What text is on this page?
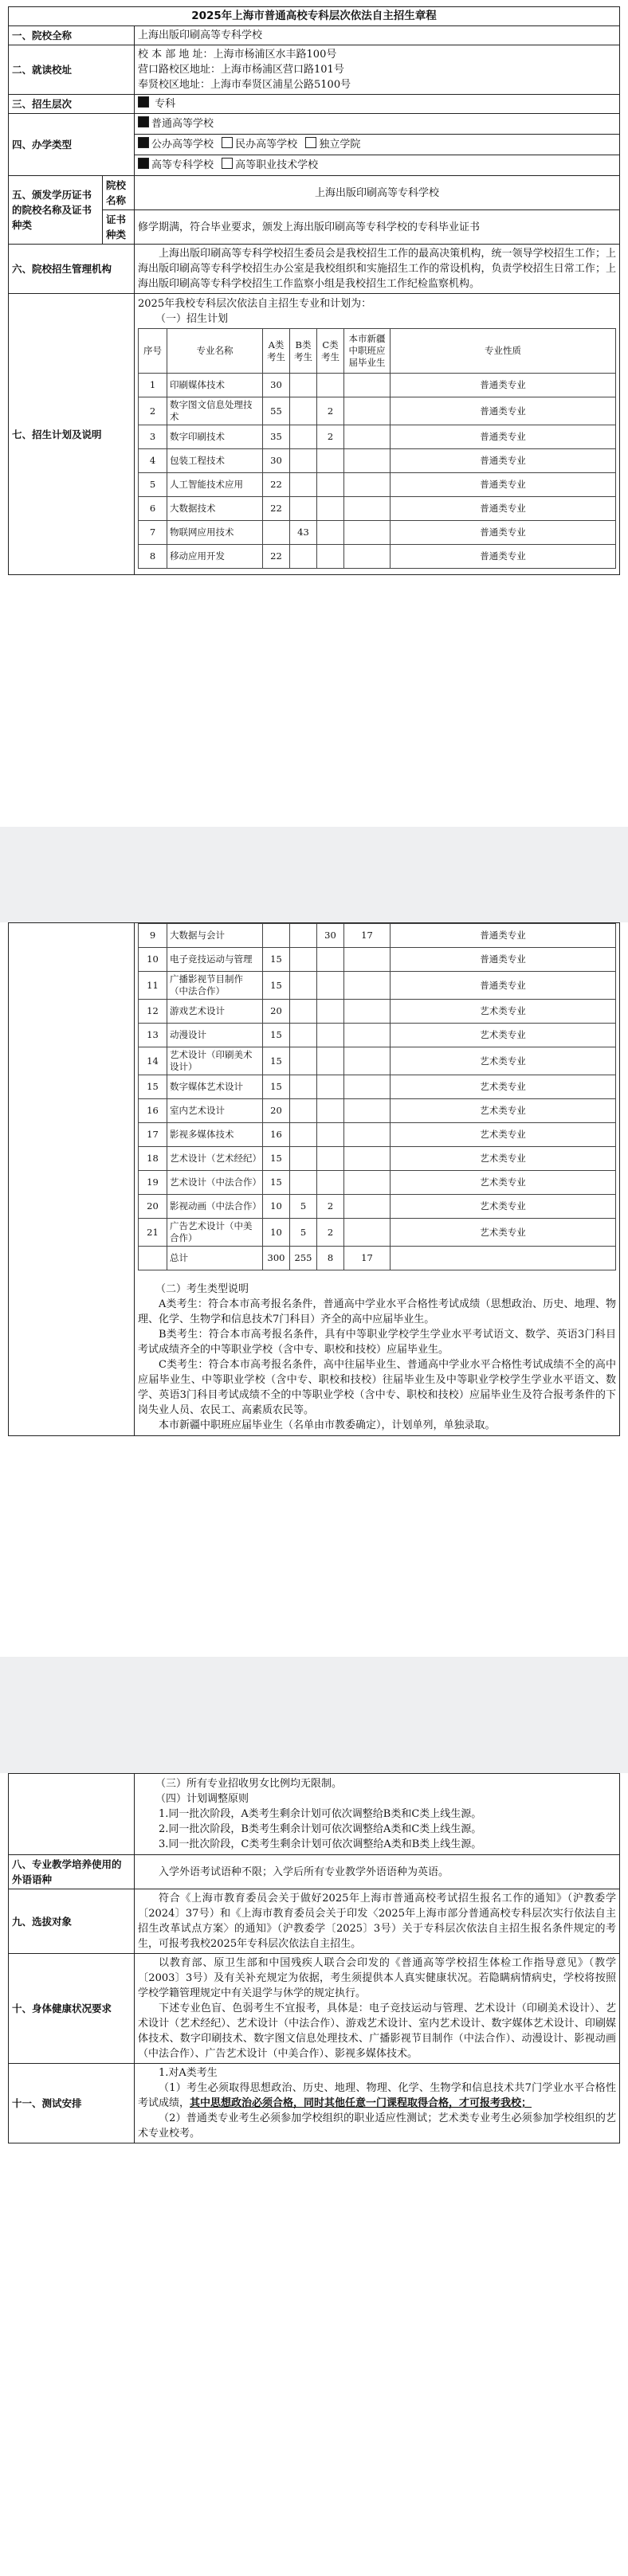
2025年上海市普通高校专科层次依法自主招生章程
一、院校全称	上海出版印刷高等专科学校
二、就读校址	
校 本 部 地 址：上海市杨浦区水丰路100号
营口路校区地址：上海市杨浦区营口路101号
奉贤校区地址：上海市奉贤区浦星公路5100号

三、招生层次	专科
四、办学类型	
普通高等学校
公办高等学校 民办高等学校 独立学院
高等专科学校 高等职业技术学校

五、颁发学历证书的院校名称及证书种类	院校名称	上海出版印刷高等专科学校
证书种类	修学期满，符合毕业要求，颁发上海出版印刷高等专科学校的专科毕业证书
六、院校招生管理机构	

上海出版印刷高等专科学校招生委员会是我校招生工作的最高决策机构，统一领导学校招生工作；上海出版印刷高等专科学校招生办公室是我校组织和实施招生工作的常设机构，负责学校招生日常工作；上海出版印刷高等专科学校招生工作监察小组是我校招生工作纪检监察机构。

七、招生计划及说明	
2025年我校专科层次依法自主招生专业和计划为：
（一）招生计划
序号	专业名称	A类考生	B类考生	C类考生	本市新疆中职班应届毕业生	专业性质
1	印刷媒体技术	30				普通类专业
2	数字图文信息处理技术	55		2		普通类专业
3	数字印刷技术	35		2		普通类专业
4	包装工程技术	30				普通类专业
5	人工智能技术应用	22				普通类专业
6	大数据技术	22				普通类专业
7	物联网应用技术		43			普通类专业
8	移动应用开发	22				普通类专业

9	大数据与会计			30	17	普通类专业
10	电子竞技运动与管理	15				普通类专业
11	广播影视节目制作（中法合作）	15				普通类专业
12	游戏艺术设计	20				艺术类专业
13	动漫设计	15				艺术类专业
14	艺术设计（印刷美术设计）	15				艺术类专业
15	数字媒体艺术设计	15				艺术类专业
16	室内艺术设计	20				艺术类专业
17	影视多媒体技术	16				艺术类专业
18	艺术设计（艺术经纪）	15				艺术类专业
19	艺术设计（中法合作）	15				艺术类专业
20	影视动画（中法合作）	10	5	2		艺术类专业
21	广告艺术设计（中美合作）	10	5	2		艺术类专业
	总计	300	255	8	17	
（二）考生类型说明

A类考生：符合本市高考报名条件，普通高中学业水平合格性考试成绩（思想政治、历史、地理、物理、化学、生物学和信息技术7门科目）齐全的高中应届毕业生。

B类考生：符合本市高考报名条件，具有中等职业学校学生学业水平考试语文、数学、英语3门科目考试成绩齐全的中等职业学校（含中专、职校和技校）应届毕业生。

C类考生：符合本市高考报名条件，高中往届毕业生、普通高中学业水平合格性考试成绩不全的高中应届毕业生、中等职业学校（含中专、职校和技校）往届毕业生及中等职业学校学生学业水平语文、数学、英语3门科目考试成绩不全的中等职业学校（含中专、职校和技校）应届毕业生及符合报考条件的下岗失业人员、农民工、高素质农民等。

本市新疆中职班应届毕业生（名单由市教委确定），计划单列，单独录取。

	（三）所有专业招收男女比例均无限制。
（四）计划调整原则

1.同一批次阶段，A类考生剩余计划可依次调整给B类和C类上线生源。

2.同一批次阶段，B类考生剩余计划可依次调整给A类和C类上线生源。

3.同一批次阶段，C类考生剩余计划可依次调整给A类和B类上线生源。

八、专业教学培养使用的外语语种	入学外语考试语种不限；入学后所有专业教学外语语种为英语。

九、选拔对象	符合《上海市教育委员会关于做好2025年上海市普通高校考试招生报名工作的通知》（沪教委学〔2024〕37号）和《上海市教育委员会关于印发〈2025年上海市部分普通高校专科层次实行依法自主招生改革试点方案〉的通知》（沪教委学〔2025〕3号）关于专科层次依法自主招生报名条件规定的考生，可报考我校2025年专科层次依法自主招生。

十、身体健康状况要求	以教育部、原卫生部和中国残疾人联合会印发的《普通高等学校招生体检工作指导意见》（教学〔2003〕3号）及有关补充规定为依据，考生须提供本人真实健康状况。若隐瞒病情病史，学校将按照学校学籍管理规定中有关退学与休学的规定执行。

下述专业色盲、色弱考生不宜报考，具体是：电子竞技运动与管理、艺术设计（印刷美术设计）、艺术设计（艺术经纪）、艺术设计（中法合作）、游戏艺术设计、室内艺术设计、数字媒体艺术设计、印刷媒体技术、数字印刷技术、数字图文信息处理技术、广播影视节目制作（中法合作）、动漫设计、影视动画（中法合作）、广告艺术设计（中美合作）、影视多媒体技术。

十一、测试安排	1.对A类考生

（1）考生必须取得思想政治、历史、地理、物理、化学、生物学和信息技术共7门学业水平合格性考试成绩，其中思想政治必须合格，同时其他任意一门课程取得合格，才可报考我校；

（2）普通类专业考生必须参加学校组织的职业适应性测试；艺术类专业考生必须参加学校组织的艺术专业校考。
